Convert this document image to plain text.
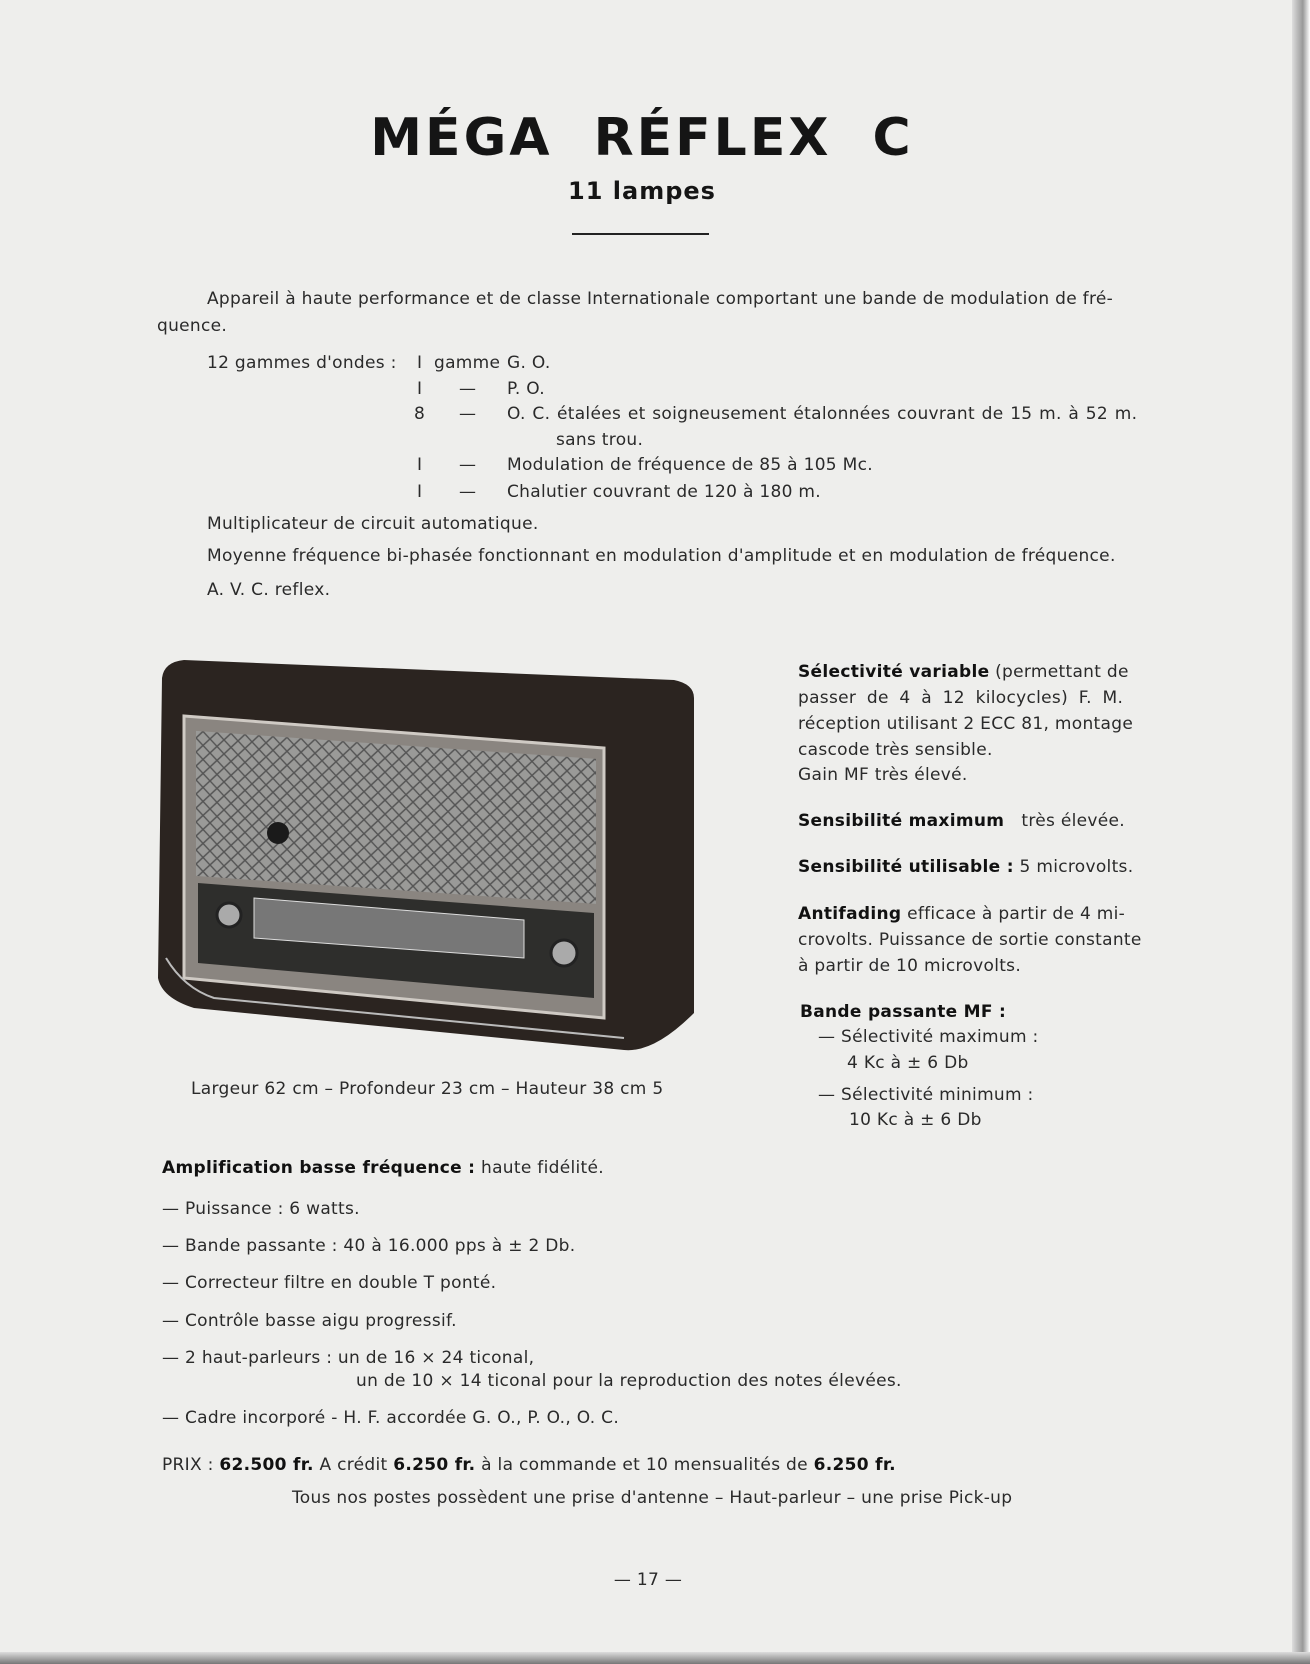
MÉGA RÉFLEX C
11 lampes
Appareil à haute performance et de classe Internationale comportant une bande de modulation de fré-
quence.
12 gammes d'ondes : I gamme G. O.
I — P. O.
8 — O. C. étalées et soigneusement étalonnées couvrant de 15 m. à 52 m.
sans trou.
I — Modulation de fréquence de 85 à 105 Mc.
I — Chalutier couvrant de 120 à 180 m.
Multiplicateur de circuit automatique.
Moyenne fréquence bi-phasée fonctionnant en modulation d'amplitude et en modulation de fréquence.
A. V. C. reflex.
Largeur 62 cm – Profondeur 23 cm – Hauteur 38 cm 5
Sélectivité variable (permettant de
passer de 4 à 12 kilocycles) F. M.
réception utilisant 2 ECC 81, montage
cascode très sensible.
Gain MF très élevé.
Sensibilité maximum très élevée.
Sensibilité utilisable : 5 microvolts.
Antifading efficace à partir de 4 mi-
crovolts. Puissance de sortie constante
à partir de 10 microvolts.
Bande passante MF :
— Sélectivité maximum :
4 Kc à ± 6 Db
— Sélectivité minimum :
10 Kc à ± 6 Db
Amplification basse fréquence : haute fidélité.
— Puissance : 6 watts.
— Bande passante : 40 à 16.000 pps à ± 2 Db.
— Correcteur filtre en double T ponté.
— Contrôle basse aigu progressif.
— 2 haut-parleurs : un de 16 × 24 ticonal,
un de 10 × 14 ticonal pour la reproduction des notes élevées.
— Cadre incorporé - H. F. accordée G. O., P. O., O. C.
PRIX : 62.500 fr. A crédit 6.250 fr. à la commande et 10 mensualités de 6.250 fr.
Tous nos postes possèdent une prise d'antenne – Haut-parleur – une prise Pick-up
— 17 —
